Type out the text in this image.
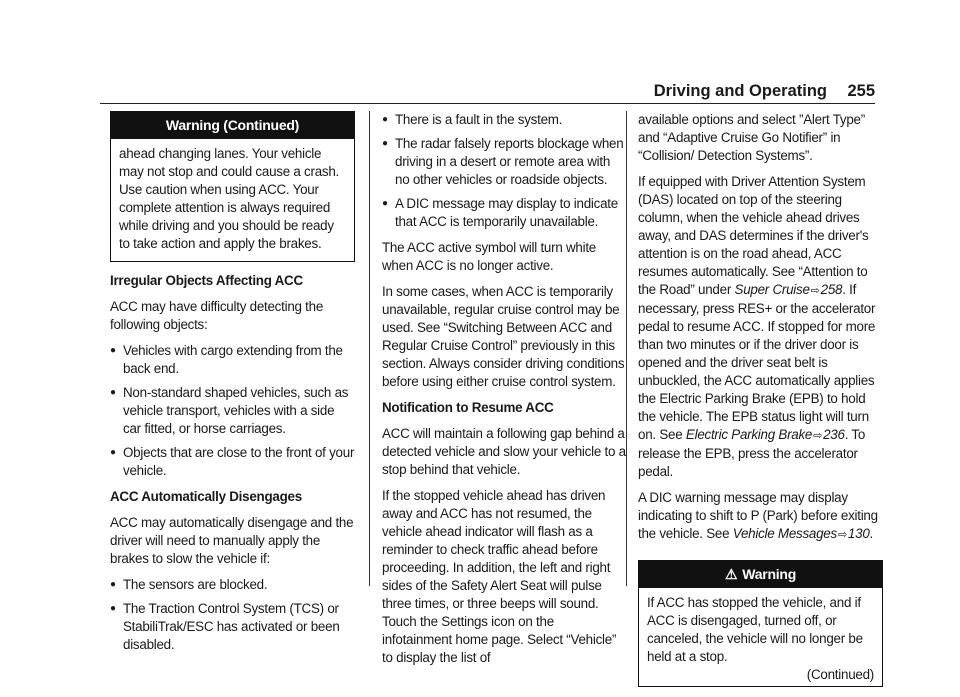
Driving and Operating 255
Warning (Continued)

ahead changing lanes. Your vehicle may not stop and could cause a crash. Use caution when using ACC. Your complete attention is always required while driving and you should be ready to take action and apply the brakes.

Irregular Objects Affecting ACC

ACC may have difficulty detecting the following objects:

● Vehicles with cargo extending from the back end.
● Non-standard shaped vehicles, such as vehicle transport, vehicles with a side car fitted, or horse carriages.
● Objects that are close to the front of your vehicle.
ACC Automatically Disengages

ACC may automatically disengage and the driver will need to manually apply the brakes to slow the vehicle if:

● The sensors are blocked.
● The Traction Control System (TCS) or StabiliTrak/ESC has activated or been disabled.
● There is a fault in the system.
● The radar falsely reports blockage when driving in a desert or remote area with no other vehicles or roadside objects.
● A DIC message may display to indicate that ACC is temporarily unavailable.

The ACC active symbol will turn white when ACC is no longer active.

In some cases, when ACC is temporarily unavailable, regular cruise control may be used. See “Switching Between ACC and Regular Cruise Control” previously in this section. Always consider driving conditions before using either cruise control system.

Notification to Resume ACC

ACC will maintain a following gap behind a detected vehicle and slow your vehicle to a stop behind that vehicle.

If the stopped vehicle ahead has driven away and ACC has not resumed, the vehicle ahead indicator will flash as a reminder to check traffic ahead before proceeding. In addition, the left and right sides of the Safety Alert Seat will pulse three times, or three beeps will sound. Touch the Settings icon on the infotainment home page. Select “Vehicle” to display the list of

available options and select ”Alert Type” and “Adaptive Cruise Go Notifier” in “Collision/ Detection Systems”.

If equipped with Driver Attention System (DAS) located on top of the steering column, when the vehicle ahead drives away, and DAS determines if the driver's attention is on the road ahead, ACC resumes automatically. See “Attention to the Road” under Super Cruise⇨258. If necessary, press RES+ or the accelerator pedal to resume ACC. If stopped for more than two minutes or if the driver door is opened and the driver seat belt is unbuckled, the ACC automatically applies the Electric Parking Brake (EPB) to hold the vehicle. The EPB status light will turn on. See Electric Parking Brake⇨236. To release the EPB, press the accelerator pedal.

A DIC warning message may display indicating to shift to P (Park) before exiting the vehicle. See Vehicle Messages⇨130.

⚠ Warning

If ACC has stopped the vehicle, and if ACC is disengaged, turned off, or canceled, the vehicle will no longer be held at a stop.

(Continued)
